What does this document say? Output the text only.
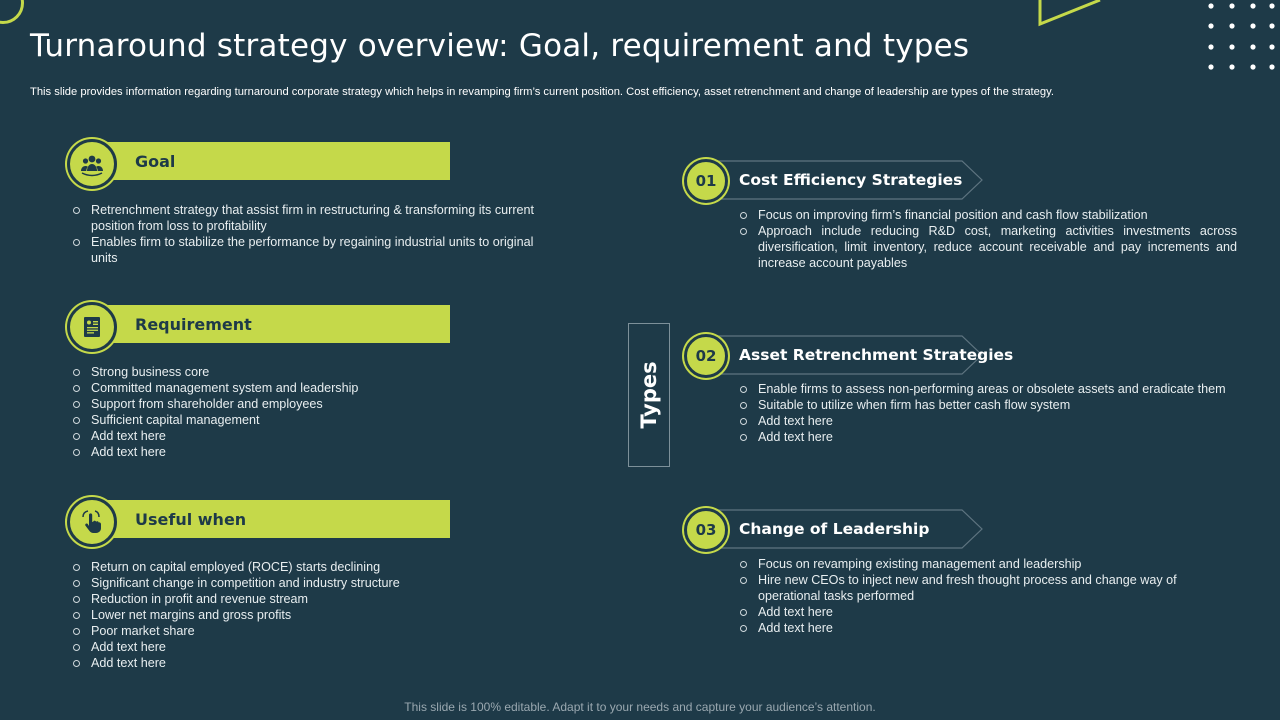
Turnaround strategy overview: Goal, requirement and types
This slide provides information regarding turnaround corporate strategy which helps in revamping firm’s current position. Cost efficiency, asset retrenchment and change of leadership are types of the strategy.
Goal
Retrenchment strategy that assist firm in restructuring & transforming its current position from loss to profitability
Enables firm to stabilize the performance by regaining industrial units to original units
Requirement
Strong business core
Committed management system and leadership
Support from shareholder and employees
Sufficient capital management
Add text here
Add text here
Useful when
Return on capital employed (ROCE) starts declining
Significant change in competition and industry structure
Reduction in profit and revenue stream
Lower net margins and gross profits
Poor market share
Add text here
Add text here
Types
01	Cost Efficiency Strategies
Focus on improving firm’s financial position and cash flow stabilization
Approach include reducing R&D cost, marketing activities investments across diversification, limit inventory, reduce account receivable and pay increments and increase account payables
02	Asset Retrenchment Strategies
Enable firms to assess non-performing areas or obsolete assets and eradicate them
Suitable to utilize when firm has better cash flow system
Add text here
Add text here
03	Change of Leadership
Focus on revamping existing management and leadership
Hire new CEOs to inject new and fresh thought process and change way of operational tasks performed
Add text here
Add text here
This slide is 100% editable. Adapt it to your needs and capture your audience’s attention.
